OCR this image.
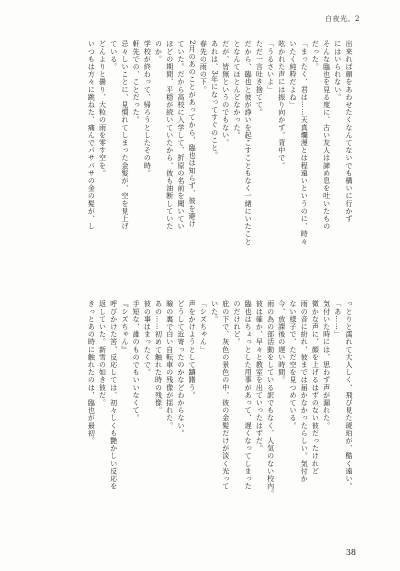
白夜光。2
出来れば顔をあわせたくなんてないでも構いに行かず
にはいられない。
そんな臨也を見る度に、古い友人は諦め息を吐いたもの
だった。
「まったく、君は……天真爛漫とは程遠いというのに、時々
いたく純粋だよね」
呟かれた声には振り向かず。背中で。
「うるさいよ」
ただ一言吐き捨てて。
だから、臨也と彼が諍いを起こすこともなく一緒にいたこと
となんてほとんどなかった。
だが、皆無というのでもない。
あれは、3年になってすぐのこと。
春先の雨の下。
2月のあのことがあってから、臨也は知らず、彼を避け
ていた。だから高校に入学して、折原の名前を聞いてい
ほどの期間、平穏が続いていたから、彼も油断していた
のか。
学校が終わって、帰ろうとしたその時。
軒先での、ことだった。
忌々しいことに、見慣れてしまった金髪が、空を見上げ
ている。
どんよりと曇り、大粒の雨を零す空を。
いつもは方々に跳ねた、痛んでパサパサの金の髪が、し
っとりと濡れて大人しく、飛び見た琥珀が、酷く遠い。
「あ……」
気付いた時には、思わず声が漏れた。
微かな声に、顔を上げるはずのない彼だったけれど
雨の音に紛れ、彼までは届かなかったらしい。気付か
ない様子で、ただ空を見つめている。
今、放課後の遅い時間。
雨の為の部活動をしている訳でもなく、人気のない校内。
彼は確か、早々と教室を出ていったはずだ。
臨也はちょっとした用事があって、遅くなってしまった
のだけれど。
庇の下で、灰色の景色の中、彼の金髪だけが淡く光って
いた。
「シズちゃん」
声をかけようとして躊躇う。
どうして近寄ったのかなどわからない。
瞼の裏で白い自転車の残像が揺れた。
あの……初めて触れた時の残像。
彼の事はまったくで。
手短な、誰のものでもいいなくて。
『シズちゃん』
呼びかけた筈、反応しては、初々しくも艶かしい反応を
返していた。新雪の如き彼だ。
きっとあの時に触れたのは、臨也が最初。
38
